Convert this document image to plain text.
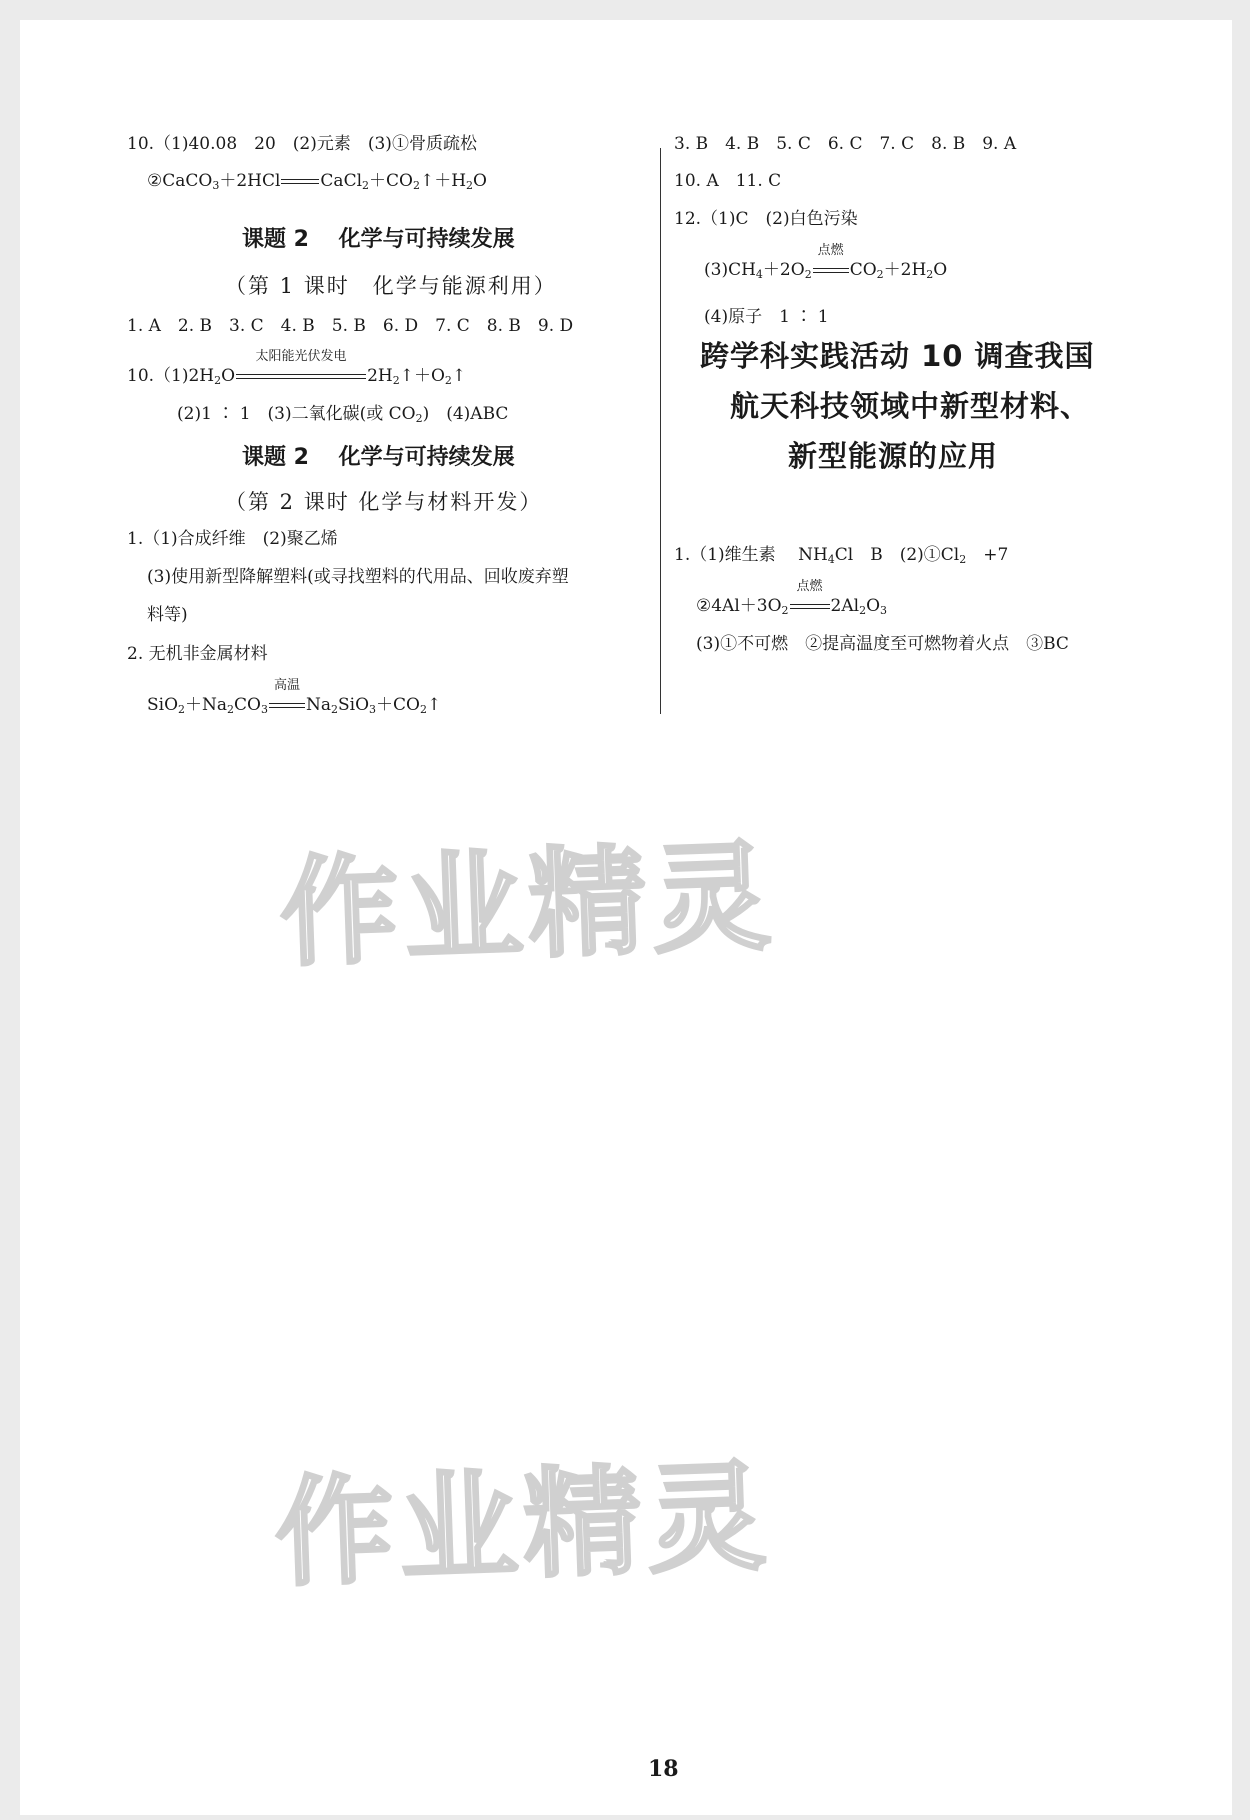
10.（1)40.08　20　(2)元素　(3)①骨质疏松
②CaCO$_3$＋2HCl $CaCl_2+CO_2↑+H_2O$
课题 2　 化学与可持续发展
（第 1 课时　化学与能源利用）
1. A　2. B　3. C　4. B　5. B　6. D　7. C　8. B　9. D
$10.(1)2H_2O$
太阳能光伏发电
$2H_2↑+O_2↑$
(2)1 ∶ 1　(3)二氧化碳(或 $CO_2$)　(4)ABC
课题 2　 化学与可持续发展
（第 2 课时 化学与材料开发）
1.（1)合成纤维　(2)聚乙烯
(3)使用新型降解塑料(或寻找塑料的代用品、回收废弃塑
料等)
2. 无机非金属材料
$SiO_2+Na_2CO_3$
高温
$Na_2SiO_3+CO_2↑$
3. B　4. B　5. C　6. C　7. C　8. B　9. A
10. A　11. C
12.（1)C　(2)白色污染
$(3)CH_4+2O_2$
点燃
$CO_2+2H_2O$
(4)原子　1 ∶ 1
跨学科实践活动 10 调查我国
航天科技领域中新型材料、
新型能源的应用
1.（1)维生素　 $NH_4Cl$　B　$(2)①Cl_2$　+7
$②4Al+3O_2$
点燃
$2Al_2O_3$
(3)①不可燃　②提高温度至可燃物着火点　③BC
作业精灵
作业精灵
18
